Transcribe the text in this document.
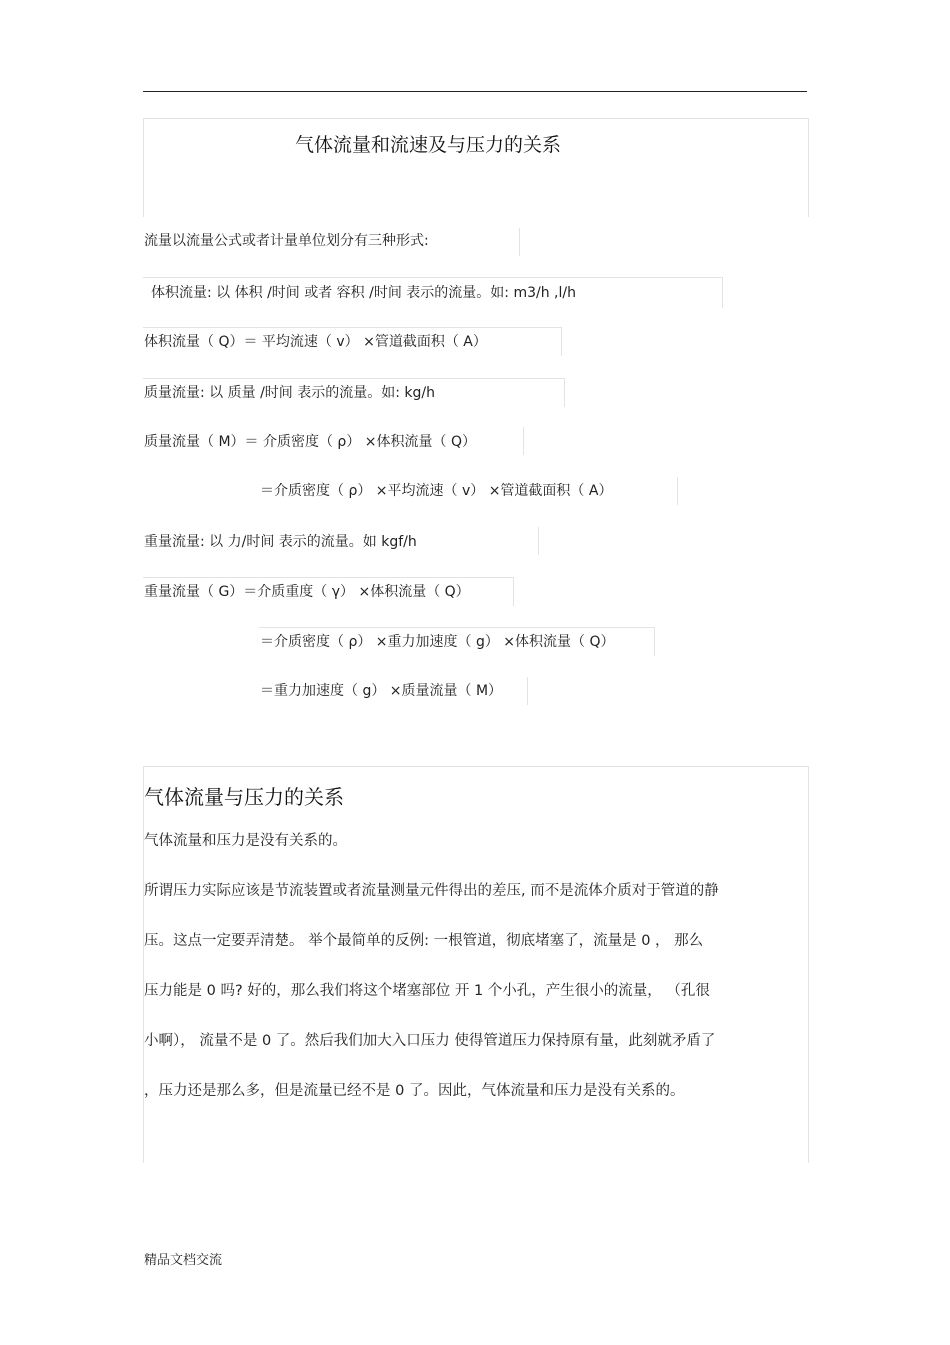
气体流量和流速及与压力的关系
流量以流量公式或者计量单位划分有三种形式:
体积流量: 以 体积 /时间 或者 容积 /时间 表示的流量。如: m3/h ,l/h
体积流量（ Q）＝ 平均流速（ v） ×管道截面积（ A）
质量流量: 以 质量 /时间 表示的流量。如: kg/h
质量流量（ M）＝ 介质密度（ ρ） ×体积流量（ Q）
＝介质密度（ ρ） ×平均流速（ v） ×管道截面积（ A）
重量流量: 以 力/时间 表示的流量。如 kgf/h
重量流量（ G）＝介质重度（ γ） ×体积流量（ Q）
＝介质密度（ ρ） ×重力加速度（ g） ×体积流量（ Q）
＝重力加速度（ g） ×质量流量（ M）
气体流量与压力的关系
气体流量和压力是没有关系的。
所谓压力实际应该是节流装置或者流量测量元件得出的差压, 而不是流体介质对于管道的静
压。这点一定要弄清楚。 举个最简单的反例: 一根管道，彻底堵塞了，流量是 0 ， 那么
压力能是 0 吗? 好的，那么我们将这个堵塞部位 开 1 个小孔，产生很小的流量， （孔很
小啊）， 流量不是 0 了。然后我们加大入口压力 使得管道压力保持原有量，此刻就矛盾了
，压力还是那么多，但是流量已经不是 0 了。因此，气体流量和压力是没有关系的。
精品文档交流
